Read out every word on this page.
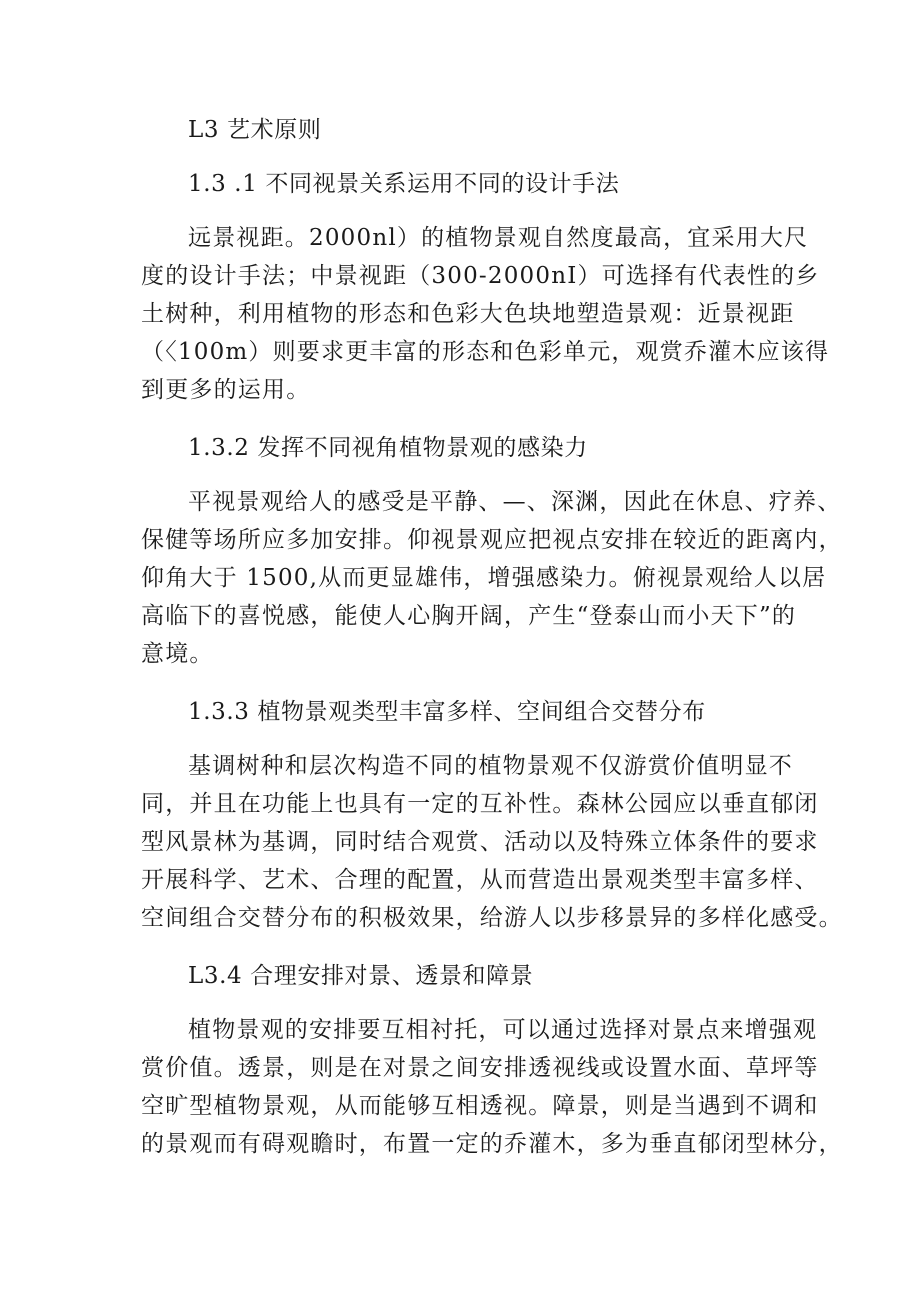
L3 艺术原则
1.3 .1 不同视景关系运用不同的设计手法
远景视距。2000nl）的植物景观自然度最高，宜采用大尺
度的设计手法；中景视距（300-2000nI）可选择有代表性的乡
土树种，利用植物的形态和色彩大色块地塑造景观：近景视距
（〈100m）则要求更丰富的形态和色彩单元，观赏乔灌木应该得
到更多的运用。
1.3.2 发挥不同视角植物景观的感染力
平视景观给人的感受是平静、—、深渊，因此在休息、疗养、
保健等场所应多加安排。仰视景观应把视点安排在较近的距离内，
仰角大于 1500,从而更显雄伟，增强感染力。俯视景观给人以居
高临下的喜悦感，能使人心胸开阔，产生“登泰山而小天下”的
意境。
1.3.3 植物景观类型丰富多样、空间组合交替分布
基调树种和层次构造不同的植物景观不仅游赏价值明显不
同，并且在功能上也具有一定的互补性。森林公园应以垂直郁闭
型风景林为基调，同时结合观赏、活动以及特殊立体条件的要求
开展科学、艺术、合理的配置，从而营造出景观类型丰富多样、
空间组合交替分布的积极效果，给游人以步移景异的多样化感受。
L3.4 合理安排对景、透景和障景
植物景观的安排要互相衬托，可以通过选择对景点来增强观
赏价值。透景，则是在对景之间安排透视线或设置水面、草坪等
空旷型植物景观，从而能够互相透视。障景，则是当遇到不调和
的景观而有碍观瞻时，布置一定的乔灌木，多为垂直郁闭型林分，
